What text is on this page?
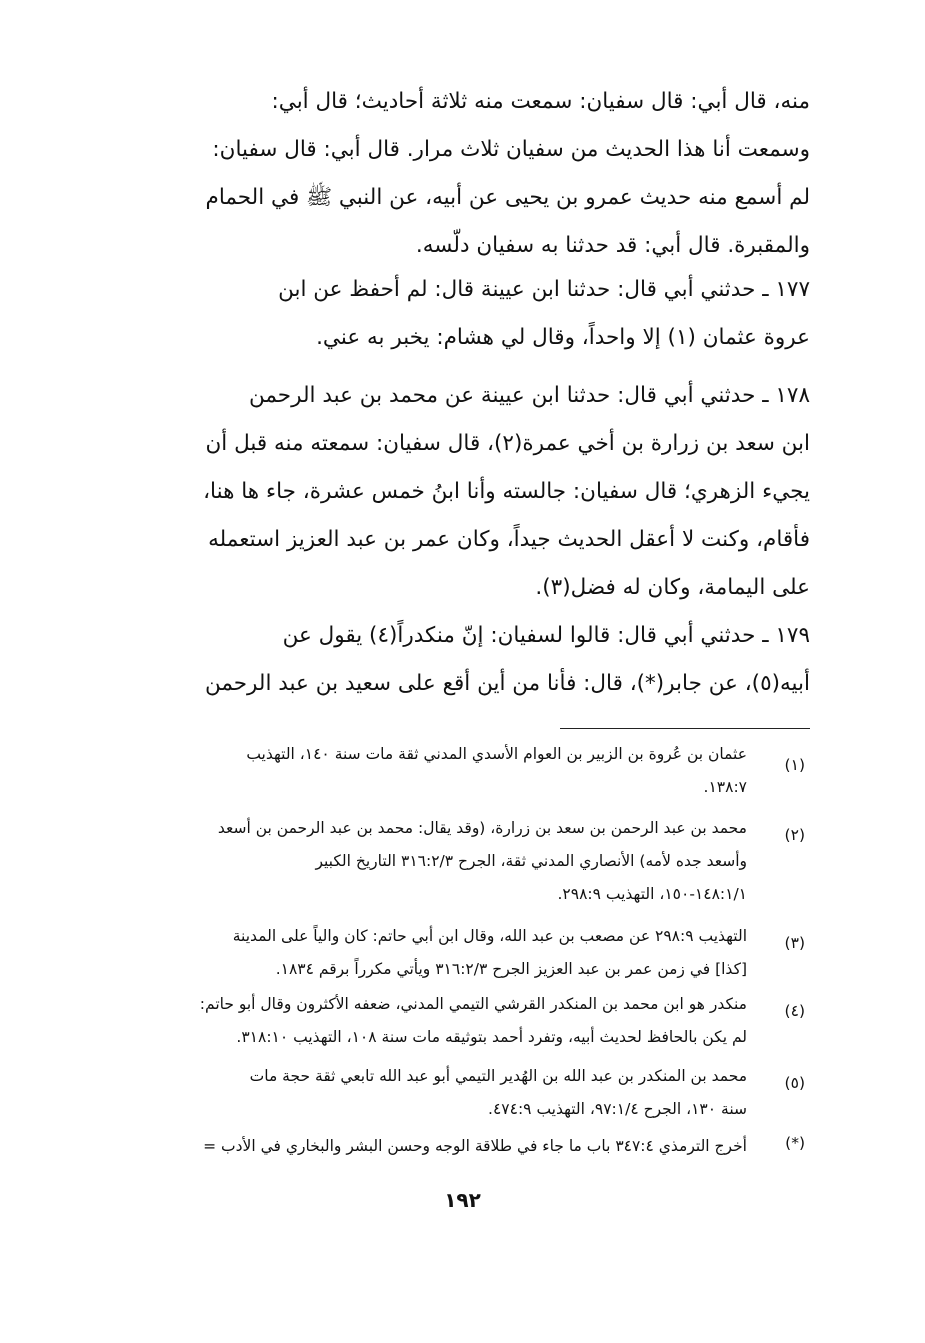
منه، قال أبي: قال سفيان: سمعت منه ثلاثة أحاديث؛ قال أبي:
وسمعت أنا هذا الحديث من سفيان ثلاث مرار. قال أبي: قال سفيان:
لم أسمع منه حديث عمرو بن يحيى عن أبيه، عن النبي ﷺ في الحمام
والمقبرة. قال أبي: قد حدثنا به سفيان دلّسه.
١٧٧ ـ حدثني أبي قال: حدثنا ابن عيينة قال: لم أحفظ عن ابن
عروة عثمان (١) إلا واحداً، وقال لي هشام: يخبر به عني.
١٧٨ ـ حدثني أبي قال: حدثنا ابن عيينة عن محمد بن عبد الرحمن
ابن سعد بن زرارة بن أخي عمرة(٢)، قال سفيان: سمعته منه قبل أن
يجيء الزهري؛ قال سفيان: جالسته وأنا ابنُ خمس عشرة، جاء ها هنا،
فأقام، وكنت لا أعقل الحديث جيداً، وكان عمر بن عبد العزيز استعمله
على اليمامة، وكان له فضل(٣).
١٧٩ ـ حدثني أبي قال: قالوا لسفيان: إنّ منكدراً(٤) يقول عن
أبيه(٥)، عن جابر(*)، قال: فأنا من أين أقع على سعيد بن عبد الرحمن
(١)
عثمان بن عُروة بن الزبير بن العوام الأسدي المدني ثقة مات سنة ١٤٠، التهذيب
١٣٨:٧.
(٢)
محمد بن عبد الرحمن بن سعد بن زرارة، (وقد يقال: محمد بن عبد الرحمن بن أسعد
وأسعد جده لأمه) الأنصاري المدني ثقة، الجرح ٣١٦:٢/٣ التاريخ الكبير
١٤٨:١/١-١٥٠، التهذيب ٢٩٨:٩.
(٣)
التهذيب ٢٩٨:٩ عن مصعب بن عبد الله، وقال ابن أبي حاتم: كان والياً على المدينة
[كذا] في زمن عمر بن عبد العزيز الجرح ٣١٦:٢/٣ ويأتي مكرراً برقم ١٨٣٤.
(٤)
منكدر هو ابن محمد بن المنكدر القرشي التيمي المدني، ضعفه الأكثرون وقال أبو حاتم:
لم يكن بالحافظ لحديث أبيه، وتفرد أحمد بتوثيقه مات سنة ١٠٨، التهذيب ٣١٨:١٠.
(٥)
محمد بن المنكدر بن عبد الله بن الهُدير التيمي أبو عبد الله تابعي ثقة حجة مات
سنة ١٣٠، الجرح ٩٧:١/٤، التهذيب ٤٧٤:٩.
(*)
أخرج الترمذي ٣٤٧:٤ باب ما جاء في طلاقة الوجه وحسن البشر والبخاري في الأدب =
١٩٢
